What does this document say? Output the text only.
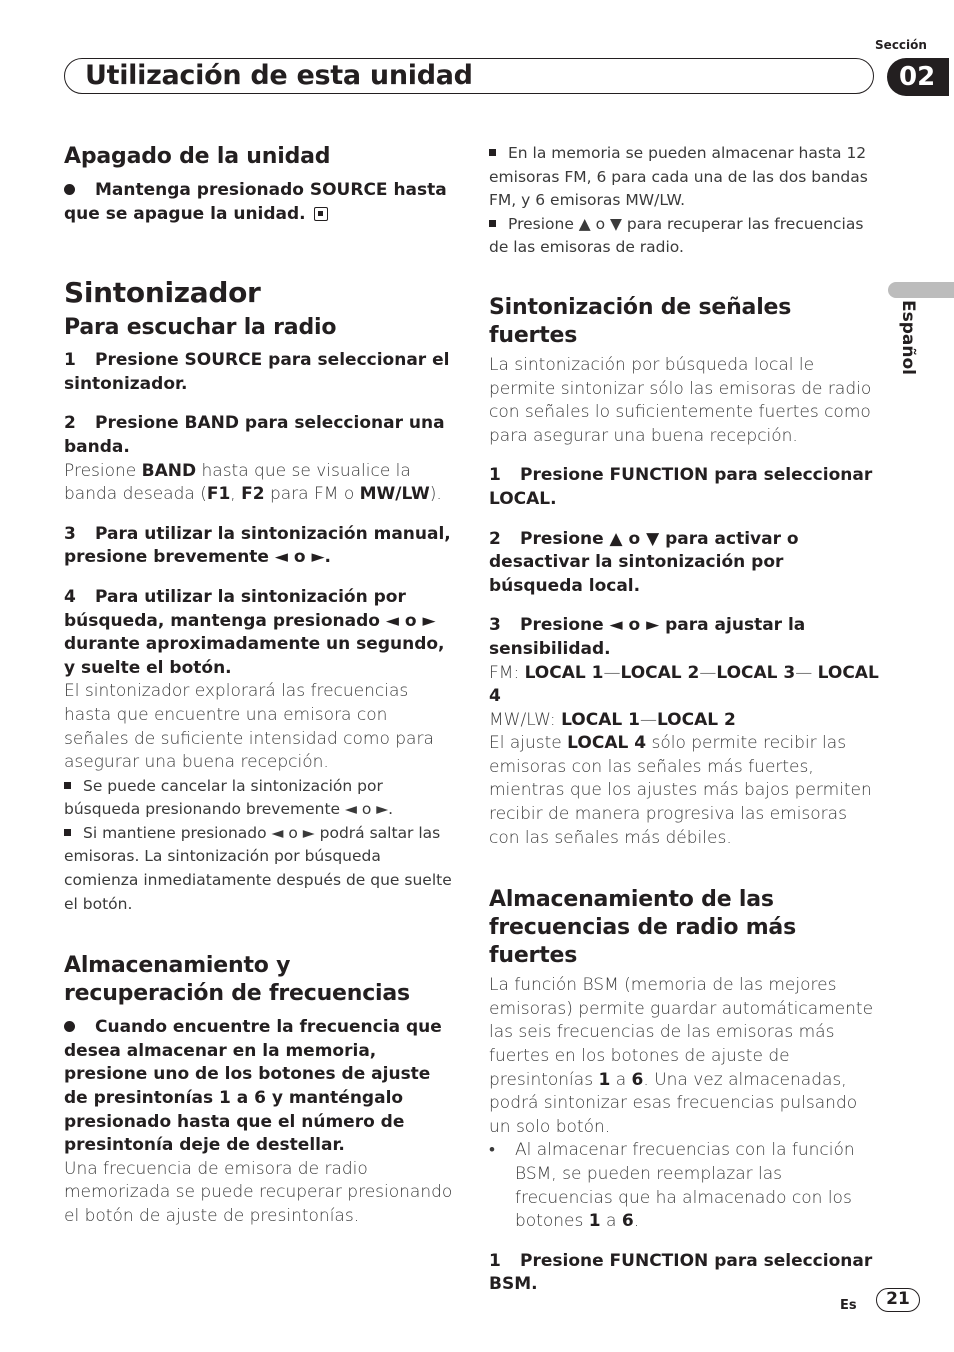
Sección
Utilización de esta unidad	02
Español

Apagado de la unidad

Mantenga presionado SOURCE hasta que se apague la unidad.

Sintonizador

Para escuchar la radio

1 Presione SOURCE para seleccionar el sintonizador.

2 Presione BAND para seleccionar una banda.

Presione BAND hasta que se visualice la banda deseada (F1, F2 para FM o MW/LW).

3 Para utilizar la sintonización manual, presione brevemente ◄ o ►.

4 Para utilizar la sintonización por búsqueda, mantenga presionado ◄ o ► durante aproximadamente un segundo, y suelte el botón.

El sintonizador explorará las frecuencias hasta que encuentre una emisora con señales de suficiente intensidad como para asegurar una buena recepción.

Se puede cancelar la sintonización por búsqueda presionando brevemente ◄ o ►.

Si mantiene presionado ◄ o ► podrá saltar las emisoras. La sintonización por búsqueda comienza inmediatamente después de que suelte el botón.

Almacenamiento y recuperación de frecuencias

Cuando encuentre la frecuencia que desea almacenar en la memoria, presione uno de los botones de ajuste de presintonías 1 a 6 y manténgalo presionado hasta que el número de presintonía deje de destellar.

Una frecuencia de emisora de radio memorizada se puede recuperar presionando el botón de ajuste de presintonías.

En la memoria se pueden almacenar hasta 12 emisoras FM, 6 para cada una de las dos bandas FM, y 6 emisoras MW/LW.

Presione ▲ o ▼ para recuperar las frecuencias de las emisoras de radio.

Sintonización de señales fuertes

La sintonización por búsqueda local le permite sintonizar sólo las emisoras de radio con señales lo suficientemente fuertes como para asegurar una buena recepción.

1 Presione FUNCTION para seleccionar LOCAL.

2 Presione ▲ o ▼ para activar o desactivar la sintonización por búsqueda local.

3 Presione ◄ o ► para ajustar la sensibilidad.

FM: LOCAL 1—LOCAL 2—LOCAL 3— LOCAL 4

MW/LW: LOCAL 1—LOCAL 2

El ajuste LOCAL 4 sólo permite recibir las emisoras con las señales más fuertes, mientras que los ajustes más bajos permiten recibir de manera progresiva las emisoras con las señales más débiles.

Almacenamiento de las frecuencias de radio más fuertes

La función BSM (memoria de las mejores emisoras) permite guardar automáticamente las seis frecuencias de las emisoras más fuertes en los botones de ajuste de presintonías 1 a 6. Una vez almacenadas, podrá sintonizar esas frecuencias pulsando un solo botón.

• Al almacenar frecuencias con la función BSM, se pueden reemplazar las frecuencias que ha almacenado con los botones 1 a 6.

1 Presione FUNCTION para seleccionar BSM.

Es	21
